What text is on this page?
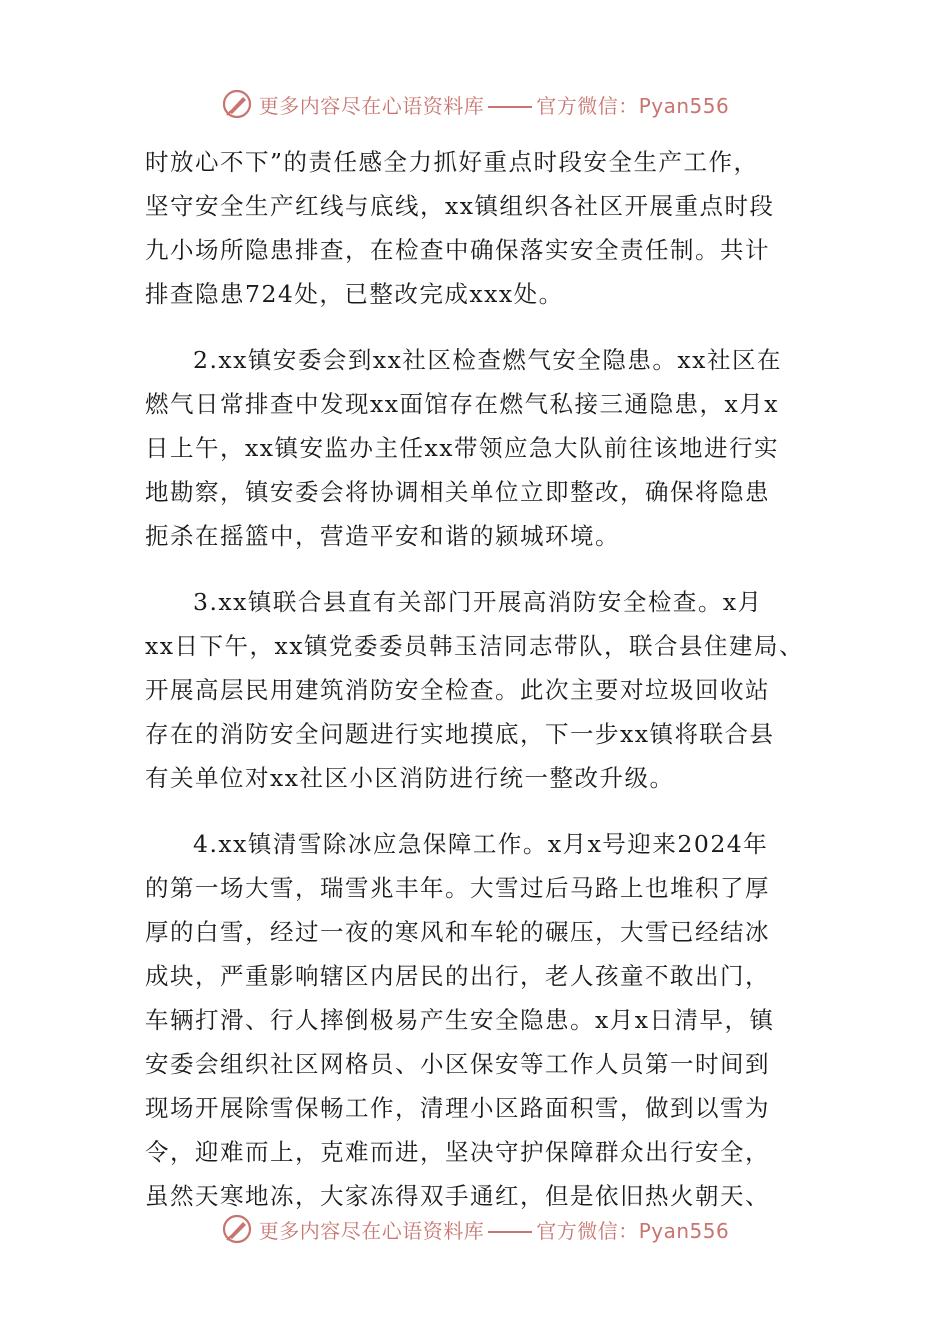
更多内容尽在心语资料库	官方微信：Pyan556
时放心不下”的责任感全力抓好重点时段安全生产工作，
坚守安全生产红线与底线，xx镇组织各社区开展重点时段
九小场所隐患排查，在检查中确保落实安全责任制。共计
排查隐患724处，已整改完成xxx处。
2.xx镇安委会到xx社区检查燃气安全隐患。xx社区在
燃气日常排查中发现xx面馆存在燃气私接三通隐患，x月x
日上午，xx镇安监办主任xx带领应急大队前往该地进行实
地勘察，镇安委会将协调相关单位立即整改，确保将隐患
扼杀在摇篮中，营造平安和谐的颍城环境。
3.xx镇联合县直有关部门开展高消防安全检查。x月
xx日下午，xx镇党委委员韩玉洁同志带队，联合县住建局、
开展高层民用建筑消防安全检查。此次主要对垃圾回收站
存在的消防安全问题进行实地摸底，下一步xx镇将联合县
有关单位对xx社区小区消防进行统一整改升级。
4.xx镇清雪除冰应急保障工作。x月x号迎来2024年
的第一场大雪，瑞雪兆丰年。大雪过后马路上也堆积了厚
厚的白雪，经过一夜的寒风和车轮的碾压，大雪已经结冰
成块，严重影响辖区内居民的出行，老人孩童不敢出门，
车辆打滑、行人摔倒极易产生安全隐患。x月x日清早，镇
安委会组织社区网格员、小区保安等工作人员第一时间到
现场开展除雪保畅工作，清理小区路面积雪，做到以雪为
令，迎难而上，克难而进，坚决守护保障群众出行安全，
虽然天寒地冻，大家冻得双手通红，但是依旧热火朝天、
更多内容尽在心语资料库	官方微信：Pyan556
